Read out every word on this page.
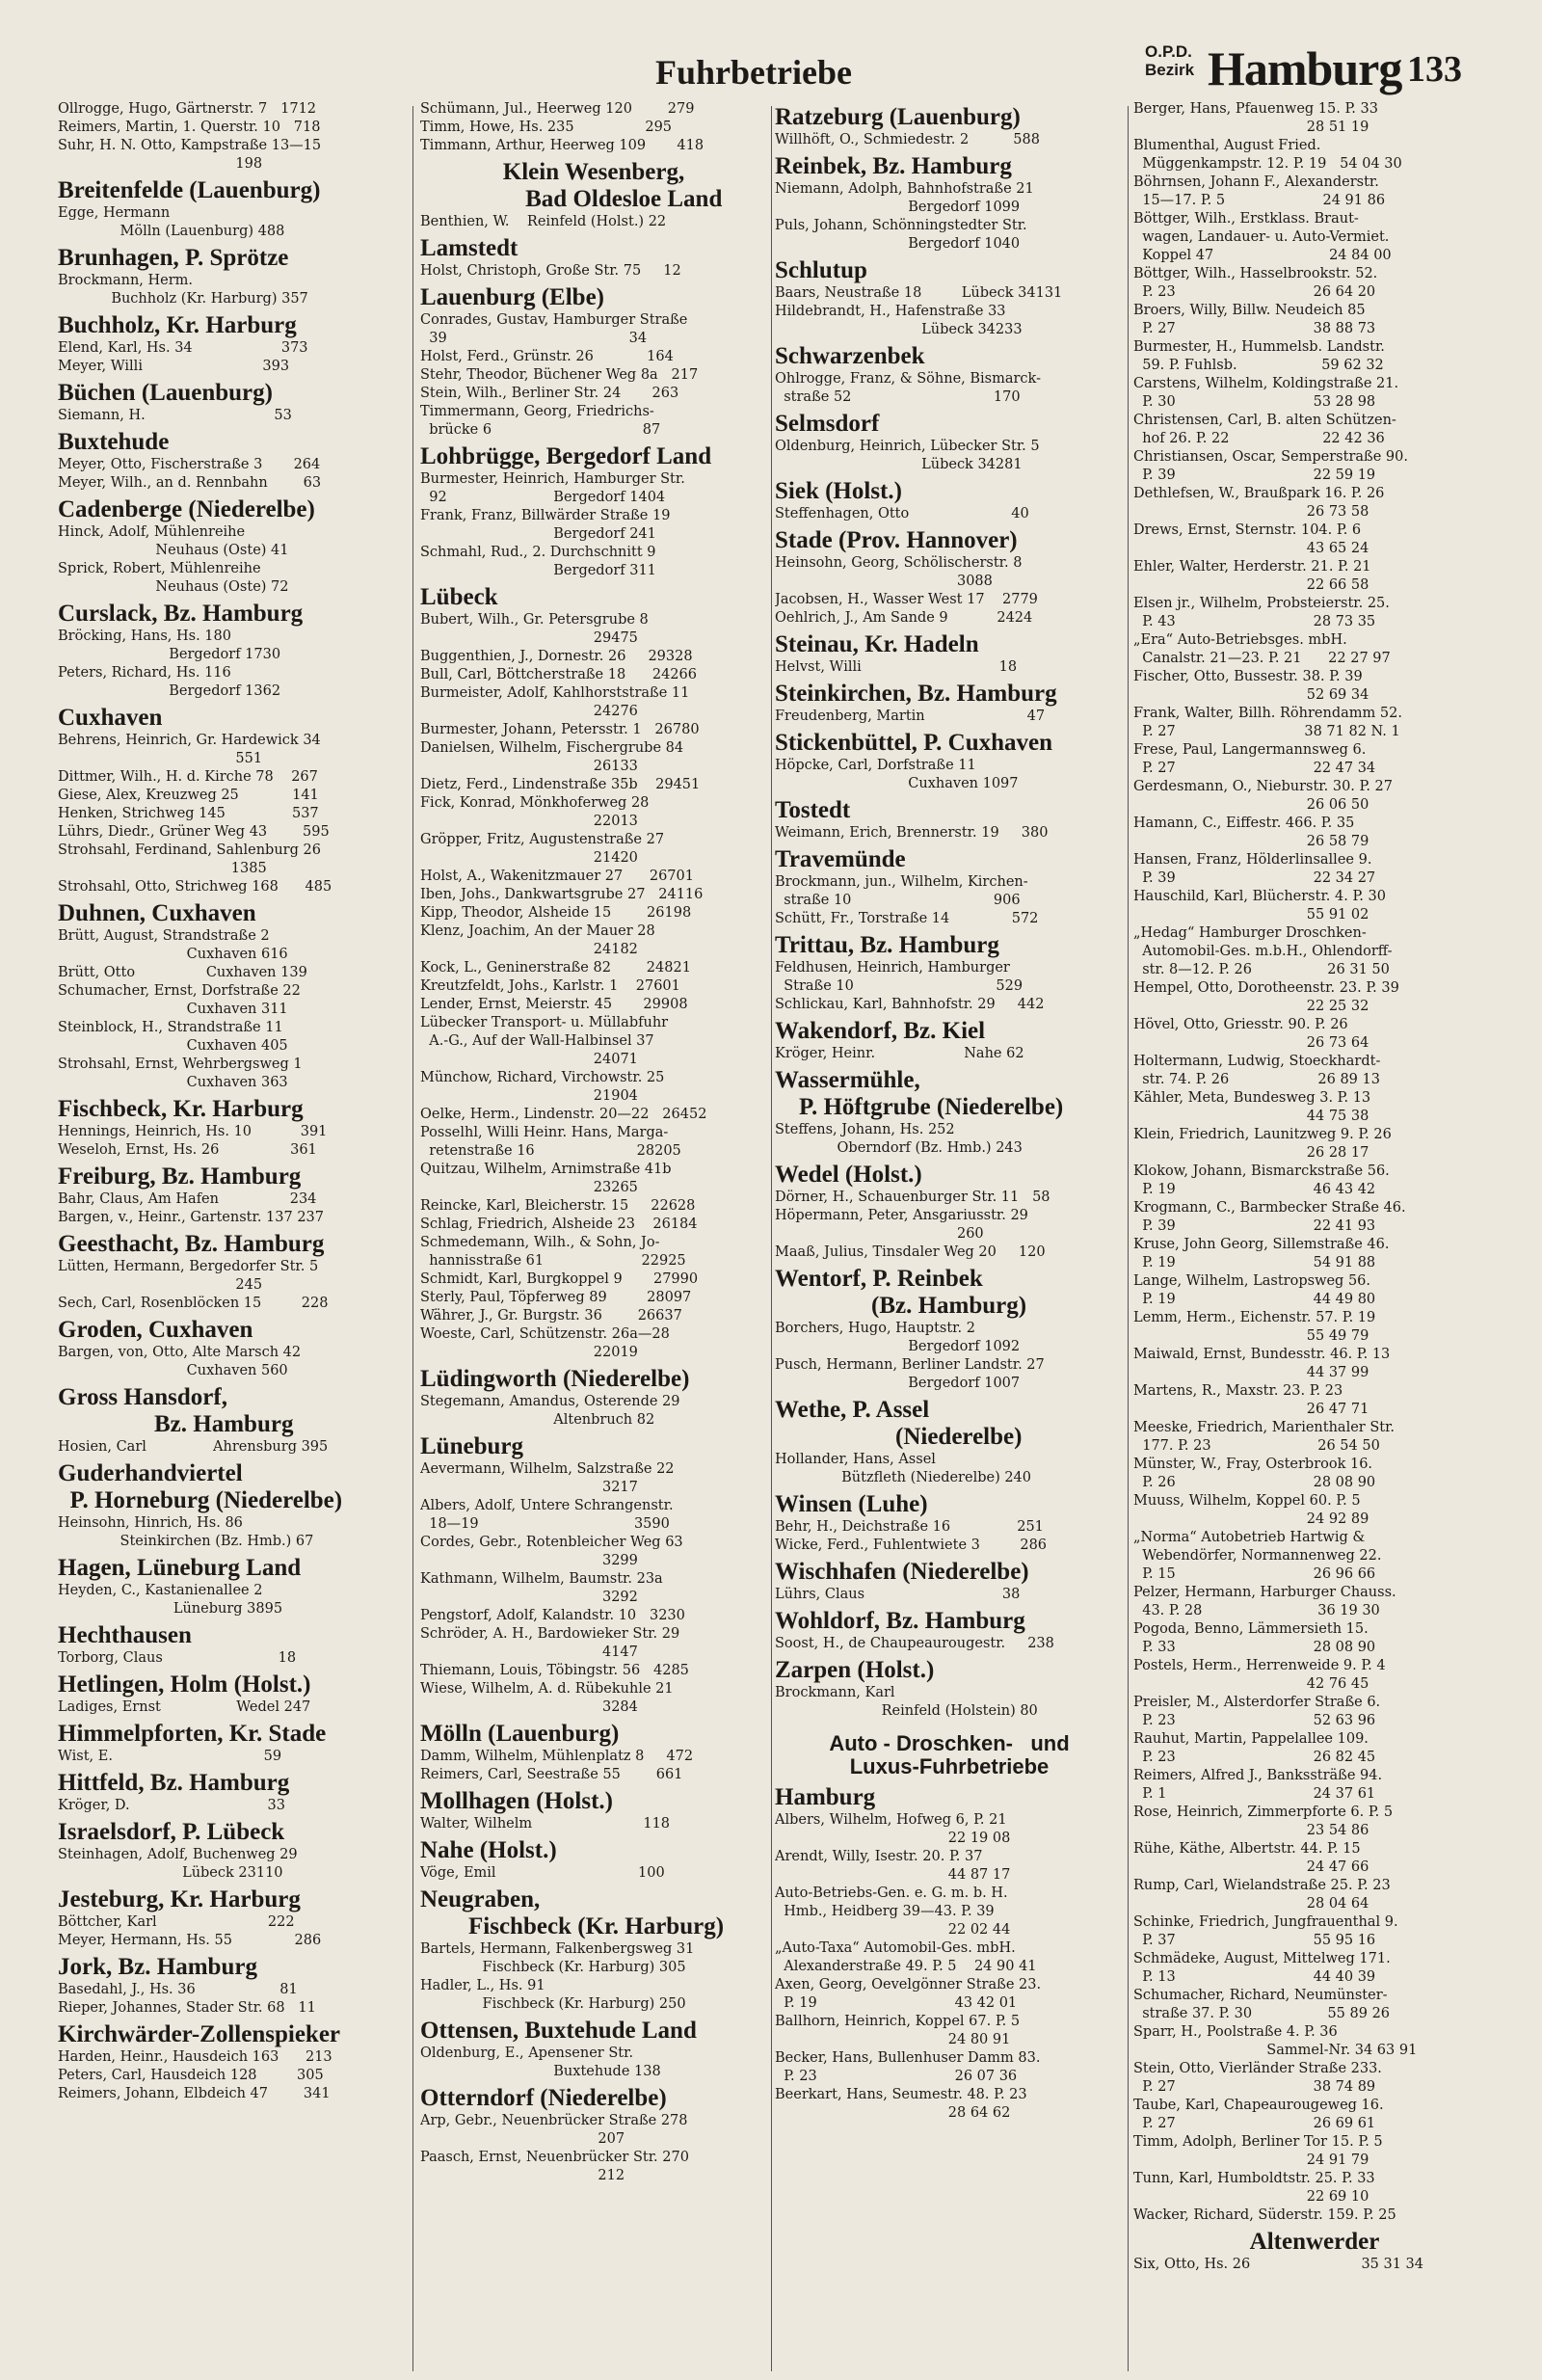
Fuhrbetriebe
O.P.D.
Bezirk Hamburg 133
Ollrogge, Hugo, Gärtnerstr. 7   1712
Reimers, Martin, 1. Querstr. 10   718
Suhr, H. N. Otto, Kampstraße 13—15
198
Breitenfelde (Lauenburg)
Egge, Hermann
Mölln (Lauenburg) 488
Brunhagen, P. Sprötze
Brockmann, Herm.
Buchholz (Kr. Harburg) 357
Buchholz, Kr. Harburg
Elend, Karl, Hs. 34                    373
Meyer, Willi                           393
Büchen (Lauenburg)
Siemann, H.                             53
Buxtehude
Meyer, Otto, Fischerstraße 3       264
Meyer, Wilh., an d. Rennbahn        63
Cadenberge (Niederelbe)
Hinck, Adolf, Mühlenreihe
Neuhaus (Oste) 41
Sprick, Robert, Mühlenreihe
Neuhaus (Oste) 72
Curslack, Bz. Hamburg
Bröcking, Hans, Hs. 180
Bergedorf 1730
Peters, Richard, Hs. 116
Bergedorf 1362
Cuxhaven
Behrens, Heinrich, Gr. Hardewick 34
551
Dittmer, Wilh., H. d. Kirche 78    267
Giese, Alex, Kreuzweg 25            141
Henken, Strichweg 145               537
Lührs, Diedr., Grüner Weg 43        595
Strohsahl, Ferdinand, Sahlenburg 26
1385
Strohsahl, Otto, Strichweg 168      485
Duhnen, Cuxhaven
Brütt, August, Strandstraße 2
Cuxhaven 616
Brütt, Otto                Cuxhaven 139
Schumacher, Ernst, Dorfstraße 22
Cuxhaven 311
Steinblock, H., Strandstraße 11
Cuxhaven 405
Strohsahl, Ernst, Wehrbergsweg 1
Cuxhaven 363
Fischbeck, Kr. Harburg
Hennings, Heinrich, Hs. 10           391
Weseloh, Ernst, Hs. 26                361
Freiburg, Bz. Hamburg
Bahr, Claus, Am Hafen                234
Bargen, v., Heinr., Gartenstr. 137 237
Geesthacht, Bz. Hamburg
Lütten, Hermann, Bergedorfer Str. 5
245
Sech, Carl, Rosenblöcken 15         228
Groden, Cuxhaven
Bargen, von, Otto, Alte Marsch 42
Cuxhaven 560
Gross Hansdorf,
Bz. Hamburg
Hosien, Carl               Ahrensburg 395
Guderhandviertel
P. Horneburg (Niederelbe)
Heinsohn, Hinrich, Hs. 86
Steinkirchen (Bz. Hmb.) 67
Hagen, Lüneburg Land
Heyden, C., Kastanienallee 2
Lüneburg 3895
Hechthausen
Torborg, Claus                          18
Hetlingen, Holm (Holst.)
Ladiges, Ernst                 Wedel 247
Himmelpforten, Kr. Stade
Wist, E.                                  59
Hittfeld, Bz. Hamburg
Kröger, D.                               33
Israelsdorf, P. Lübeck
Steinhagen, Adolf, Buchenweg 29
Lübeck 23110
Jesteburg, Kr. Harburg
Böttcher, Karl                         222
Meyer, Hermann, Hs. 55              286
Jork, Bz. Hamburg
Basedahl, J., Hs. 36                   81
Rieper, Johannes, Stader Str. 68   11
Kirchwärder-Zollenspieker
Harden, Heinr., Hausdeich 163      213
Peters, Carl, Hausdeich 128         305
Reimers, Johann, Elbdeich 47        341
Schümann, Jul., Heerweg 120        279
Timm, Howe, Hs. 235                295
Timmann, Arthur, Heerweg 109       418
Klein Wesenberg,
Bad Oldesloe Land
Benthien, W.    Reinfeld (Holst.) 22
Lamstedt
Holst, Christoph, Große Str. 75     12
Lauenburg (Elbe)
Conrades, Gustav, Hamburger Straße
39                                         34
Holst, Ferd., Grünstr. 26            164
Stehr, Theodor, Büchener Weg 8a   217
Stein, Wilh., Berliner Str. 24       263
Timmermann, Georg, Friedrichs-
brücke 6                                  87
Lohbrügge, Bergedorf Land
Burmester, Heinrich, Hamburger Str.
92                        Bergedorf 1404
Frank, Franz, Billwärder Straße 19
Bergedorf 241
Schmahl, Rud., 2. Durchschnitt 9
Bergedorf 311
Lübeck
Bubert, Wilh., Gr. Petersgrube 8
29475
Buggenthien, J., Dornestr. 26     29328
Bull, Carl, Böttcherstraße 18      24266
Burmeister, Adolf, Kahlhorststraße 11
24276
Burmester, Johann, Petersstr. 1   26780
Danielsen, Wilhelm, Fischergrube 84
26133
Dietz, Ferd., Lindenstraße 35b    29451
Fick, Konrad, Mönkhoferweg 28
22013
Gröpper, Fritz, Augustenstraße 27
21420
Holst, A., Wakenitzmauer 27      26701
Iben, Johs., Dankwartsgrube 27   24116
Kipp, Theodor, Alsheide 15        26198
Klenz, Joachim, An der Mauer 28
24182
Kock, L., Geninerstraße 82        24821
Kreutzfeldt, Johs., Karlstr. 1    27601
Lender, Ernst, Meierstr. 45       29908
Lübecker Transport- u. Müllabfuhr
A.-G., Auf der Wall-Halbinsel 37
24071
Münchow, Richard, Virchowstr. 25
21904
Oelke, Herm., Lindenstr. 20—22   26452
Posselhl, Willi Heinr. Hans, Marga-
retenstraße 16                       28205
Quitzau, Wilhelm, Arnimstraße 41b
23265
Reincke, Karl, Bleicherstr. 15     22628
Schlag, Friedrich, Alsheide 23    26184
Schmedemann, Wilh., & Sohn, Jo-
hannisstraße 61                      22925
Schmidt, Karl, Burgkoppel 9       27990
Sterly, Paul, Töpferweg 89         28097
Währer, J., Gr. Burgstr. 36        26637
Woeste, Carl, Schützenstr. 26a—28
22019
Lüdingworth (Niederelbe)
Stegemann, Amandus, Osterende 29
Altenbruch 82
Lüneburg
Aevermann, Wilhelm, Salzstraße 22
3217
Albers, Adolf, Untere Schrangenstr.
18—19                                   3590
Cordes, Gebr., Rotenbleicher Weg 63
3299
Kathmann, Wilhelm, Baumstr. 23a
3292
Pengstorf, Adolf, Kalandstr. 10   3230
Schröder, A. H., Bardowieker Str. 29
4147
Thiemann, Louis, Töbingstr. 56   4285
Wiese, Wilhelm, A. d. Rübekuhle 21
3284
Mölln (Lauenburg)
Damm, Wilhelm, Mühlenplatz 8     472
Reimers, Carl, Seestraße 55        661
Mollhagen (Holst.)
Walter, Wilhelm                         118
Nahe (Holst.)
Vöge, Emil                                100
Neugraben,
Fischbeck (Kr. Harburg)
Bartels, Hermann, Falkenbergsweg 31
Fischbeck (Kr. Harburg) 305
Hadler, L., Hs. 91
Fischbeck (Kr. Harburg) 250
Ottensen, Buxtehude Land
Oldenburg, E., Apensener Str.
Buxtehude 138
Otterndorf (Niederelbe)
Arp, Gebr., Neuenbrücker Straße 278
207
Paasch, Ernst, Neuenbrücker Str. 270
212
Ratzeburg (Lauenburg)
Willhöft, O., Schmiedestr. 2          588
Reinbek, Bz. Hamburg
Niemann, Adolph, Bahnhofstraße 21
Bergedorf 1099
Puls, Johann, Schönningstedter Str.
Bergedorf 1040
Schlutup
Baars, Neustraße 18         Lübeck 34131
Hildebrandt, H., Hafenstraße 33
Lübeck 34233
Schwarzenbek
Ohlrogge, Franz, & Söhne, Bismarck-
straße 52                                170
Selmsdorf
Oldenburg, Heinrich, Lübecker Str. 5
Lübeck 34281
Siek (Holst.)
Steffenhagen, Otto                       40
Stade (Prov. Hannover)
Heinsohn, Georg, Schölischerstr. 8
3088
Jacobsen, H., Wasser West 17    2779
Oehlrich, J., Am Sande 9           2424
Steinau, Kr. Hadeln
Helvst, Willi                               18
Steinkirchen, Bz. Hamburg
Freudenberg, Martin                       47
Stickenbüttel, P. Cuxhaven
Höpcke, Carl, Dorfstraße 11
Cuxhaven 1097
Tostedt
Weimann, Erich, Brennerstr. 19     380
Travemünde
Brockmann, jun., Wilhelm, Kirchen-
straße 10                                906
Schütt, Fr., Torstraße 14              572
Trittau, Bz. Hamburg
Feldhusen, Heinrich, Hamburger
Straße 10                                529
Schlickau, Karl, Bahnhofstr. 29     442
Wakendorf, Bz. Kiel
Kröger, Heinr.                    Nahe 62
Wassermühle,
P. Höftgrube (Niederelbe)
Steffens, Johann, Hs. 252
Oberndorf (Bz. Hmb.) 243
Wedel (Holst.)
Dörner, H., Schauenburger Str. 11   58
Höpermann, Peter, Ansgariusstr. 29
260
Maaß, Julius, Tinsdaler Weg 20     120
Wentorf, P. Reinbek
(Bz. Hamburg)
Borchers, Hugo, Hauptstr. 2
Bergedorf 1092
Pusch, Hermann, Berliner Landstr. 27
Bergedorf 1007
Wethe, P. Assel
(Niederelbe)
Hollander, Hans, Assel
Bützfleth (Niederelbe) 240
Winsen (Luhe)
Behr, H., Deichstraße 16               251
Wicke, Ferd., Fuhlentwiete 3         286
Wischhafen (Niederelbe)
Lührs, Claus                               38
Wohldorf, Bz. Hamburg
Soost, H., de Chaupeaurougestr.     238
Zarpen (Holst.)
Brockmann, Karl
Reinfeld (Holstein) 80
Auto - Droschken-   und
Luxus-Fuhrbetriebe
Hamburg
Albers, Wilhelm, Hofweg 6, P. 21
22 19 08
Arendt, Willy, Isestr. 20. P. 37
44 87 17
Auto-Betriebs-Gen. e. G. m. b. H.
Hmb., Heidberg 39—43. P. 39
22 02 44
„Auto-Taxa“ Automobil-Ges. mbH.
Alexanderstraße 49. P. 5    24 90 41
Axen, Georg, Oevelgönner Straße 23.
P. 19                               43 42 01
Ballhorn, Heinrich, Koppel 67. P. 5
24 80 91
Becker, Hans, Bullenhuser Damm 83.
P. 23                               26 07 36
Beerkart, Hans, Seumestr. 48. P. 23
28 64 62
Berger, Hans, Pfauenweg 15. P. 33
28 51 19
Blumenthal, August Fried.
Müggenkampstr. 12. P. 19   54 04 30
Böhrnsen, Johann F., Alexanderstr.
15—17. P. 5                      24 91 86
Böttger, Wilh., Erstklass. Braut-
wagen, Landauer- u. Auto-Vermiet.
Koppel 47                          24 84 00
Böttger, Wilh., Hasselbrookstr. 52.
P. 23                               26 64 20
Broers, Willy, Billw. Neudeich 85
P. 27                               38 88 73
Burmester, H., Hummelsb. Landstr.
59. P. Fuhlsb.                   59 62 32
Carstens, Wilhelm, Koldingstraße 21.
P. 30                               53 28 98
Christensen, Carl, B. alten Schützen-
hof 26. P. 22                     22 42 36
Christiansen, Oscar, Semperstraße 90.
P. 39                               22 59 19
Dethlefsen, W., Braußpark 16. P. 26
26 73 58
Drews, Ernst, Sternstr. 104. P. 6
43 65 24
Ehler, Walter, Herderstr. 21. P. 21
22 66 58
Elsen jr., Wilhelm, Probsteierstr. 25.
P. 43                               28 73 35
„Era“ Auto-Betriebsges. mbH.
Canalstr. 21—23. P. 21      22 27 97
Fischer, Otto, Bussestr. 38. P. 39
52 69 34
Frank, Walter, Billh. Röhrendamm 52.
P. 27                             38 71 82 N. 1
Frese, Paul, Langermannsweg 6.
P. 27                               22 47 34
Gerdesmann, O., Nieburstr. 30. P. 27
26 06 50
Hamann, C., Eiffestr. 466. P. 35
26 58 79
Hansen, Franz, Hölderlinsallee 9.
P. 39                               22 34 27
Hauschild, Karl, Blücherstr. 4. P. 30
55 91 02
„Hedag“ Hamburger Droschken-
Automobil-Ges. m.b.H., Ohlendorff-
str. 8—12. P. 26                 26 31 50
Hempel, Otto, Dorotheenstr. 23. P. 39
22 25 32
Hövel, Otto, Griesstr. 90. P. 26
26 73 64
Holtermann, Ludwig, Stoeckhardt-
str. 74. P. 26                    26 89 13
Kähler, Meta, Bundesweg 3. P. 13
44 75 38
Klein, Friedrich, Launitzweg 9. P. 26
26 28 17
Klokow, Johann, Bismarckstraße 56.
P. 19                               46 43 42
Krogmann, C., Barmbecker Straße 46.
P. 39                               22 41 93
Kruse, John Georg, Sillemstraße 46.
P. 19                               54 91 88
Lange, Wilhelm, Lastropsweg 56.
P. 19                               44 49 80
Lemm, Herm., Eichenstr. 57. P. 19
55 49 79
Maiwald, Ernst, Bundesstr. 46. P. 13
44 37 99
Martens, R., Maxstr. 23. P. 23
26 47 71
Meeske, Friedrich, Marienthaler Str.
177. P. 23                        26 54 50
Münster, W., Fray, Osterbrook 16.
P. 26                               28 08 90
Muuss, Wilhelm, Koppel 60. P. 5
24 92 89
„Norma“ Autobetrieb Hartwig &
Webendörfer, Normannenweg 22.
P. 15                               26 96 66
Pelzer, Hermann, Harburger Chauss.
43. P. 28                          36 19 30
Pogoda, Benno, Lämmersieth 15.
P. 33                               28 08 90
Postels, Herm., Herrenweide 9. P. 4
42 76 45
Preisler, M., Alsterdorfer Straße 6.
P. 23                               52 63 96
Rauhut, Martin, Pappelallee 109.
P. 23                               26 82 45
Reimers, Alfred J., Bankssträße 94.
P. 1                                 24 37 61
Rose, Heinrich, Zimmerpforte 6. P. 5
23 54 86
Rühe, Käthe, Albertstr. 44. P. 15
24 47 66
Rump, Carl, Wielandstraße 25. P. 23
28 04 64
Schinke, Friedrich, Jungfrauenthal 9.
P. 37                               55 95 16
Schmädeke, August, Mittelweg 171.
P. 13                               44 40 39
Schumacher, Richard, Neumünster-
straße 37. P. 30                 55 89 26
Sparr, H., Poolstraße 4. P. 36
Sammel-Nr. 34 63 91
Stein, Otto, Vierländer Straße 233.
P. 27                               38 74 89
Taube, Karl, Chapeaurougeweg 16.
P. 27                               26 69 61
Timm, Adolph, Berliner Tor 15. P. 5
24 91 79
Tunn, Karl, Humboldtstr. 25. P. 33
22 69 10
Wacker, Richard, Süderstr. 159. P. 25
Altenwerder
Six, Otto, Hs. 26                         35 31 34
